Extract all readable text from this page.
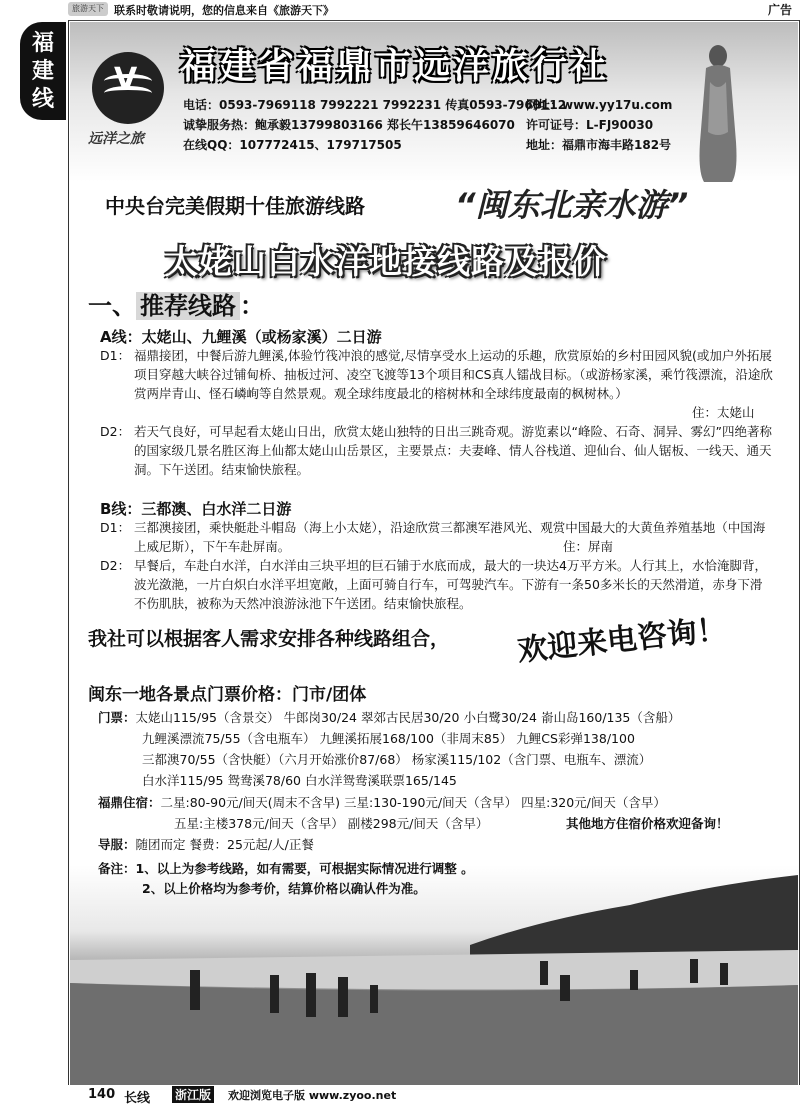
旅游天下 联系时敬请说明，您的信息来自《旅游天下》	广告
福
建
线
V
远洋之旅
福建省福鼎市远洋旅行社
电话：0593-7969118 7992221 7992231 传真0593-7969112
网址：www.yy17u.com
诚挚服务热：鲍承毅13799803166 郑长午13859646070 许可证号：L-FJ90030
在线QQ：107772415、179717505	地址：福鼎市海丰路182号
中央台完美假期十佳旅游线路	“闽东北亲水游”
太姥山白水洋地接线路及报价
一、 推荐线路 ：
A线：太姥山、九鲤溪（或杨家溪）二日游
D1： 福鼎接团，中餐后游九鲤溪,体验竹筏冲浪的感觉,尽情享受水上运动的乐趣，欣赏原始的乡村田园风貌(或加户外拓展项目穿越大峡谷过铺甸桥、抽板过河、凌空飞渡等13个项目和CS真人镭战目标。（或游杨家溪，乘竹筏漂流，沿途欣赏两岸青山、怪石嶙峋等自然景观。观全球纬度最北的榕树林和全球纬度最南的枫树林。）
住：太姥山
D2： 若天气良好，可早起看太姥山日出，欣赏太姥山独特的日出三跳奇观。游览素以“峰险、石奇、洞异、雾幻”四绝著称的国家级几景名胜区海上仙都太姥山山岳景区，主要景点：夫妻峰、情人谷栈道、迎仙台、仙人锯板、一线天、通天洞。下午送团。结束愉快旅程。
B线：三都澳、白水洋二日游
D1： 三都澳接团，乘快艇赴斗帽岛（海上小太姥），沿途欣赏三都澳军港风光、观赏中国最大的大黄鱼养殖基地（中国海上威尼斯），下午车赴屏南。	住：屏南
D2： 早餐后，车赴白水洋，白水洋由三块平坦的巨石铺于水底而成，最大的一块达4万平方米。人行其上，水恰淹脚背，波光潋滟，一片白炽白水洋平坦宽敞，上面可骑自行车，可驾驶汽车。下游有一条50多米长的天然滑道，赤身下滑不伤肌肤，被称为天然冲浪游泳池下午送团。结束愉快旅程。
我社可以根据客人需求安排各种线路组合， 欢迎来电咨询！
闽东一地各景点门票价格：门市/团体
门票：太姥山115/95（含景交） 牛郎岗30/24 翠郊古民居30/20 小白鹭30/24 嵛山岛160/135（含船）
九鲤溪漂流75/55（含电瓶车） 九鲤溪拓展168/100（非周末85） 九鲤CS彩弹138/100
三都澳70/55（含快艇）（六月开始涨价87/68） 杨家溪115/102（含门票、电瓶车、漂流）
白水洋115/95 鸳鸯溪78/60 白水洋鸳鸯溪联票165/145
福鼎住宿：二星:80-90元/间天(周末不含早) 三星:130-190元/间天（含早） 四星:320元/间天（含早）
五星:主楼378元/间天（含早） 副楼298元/间天（含早）	其他地方住宿价格欢迎备询！
导服：随团而定 餐费：25元起/人/正餐
备注：1、以上为参考线路，如有需要，可根据实际情况进行调整 。
2、以上价格均为参考价，结算价格以确认件为准。
140 长线 浙江版 欢迎浏览电子版 www.zyoo.net
